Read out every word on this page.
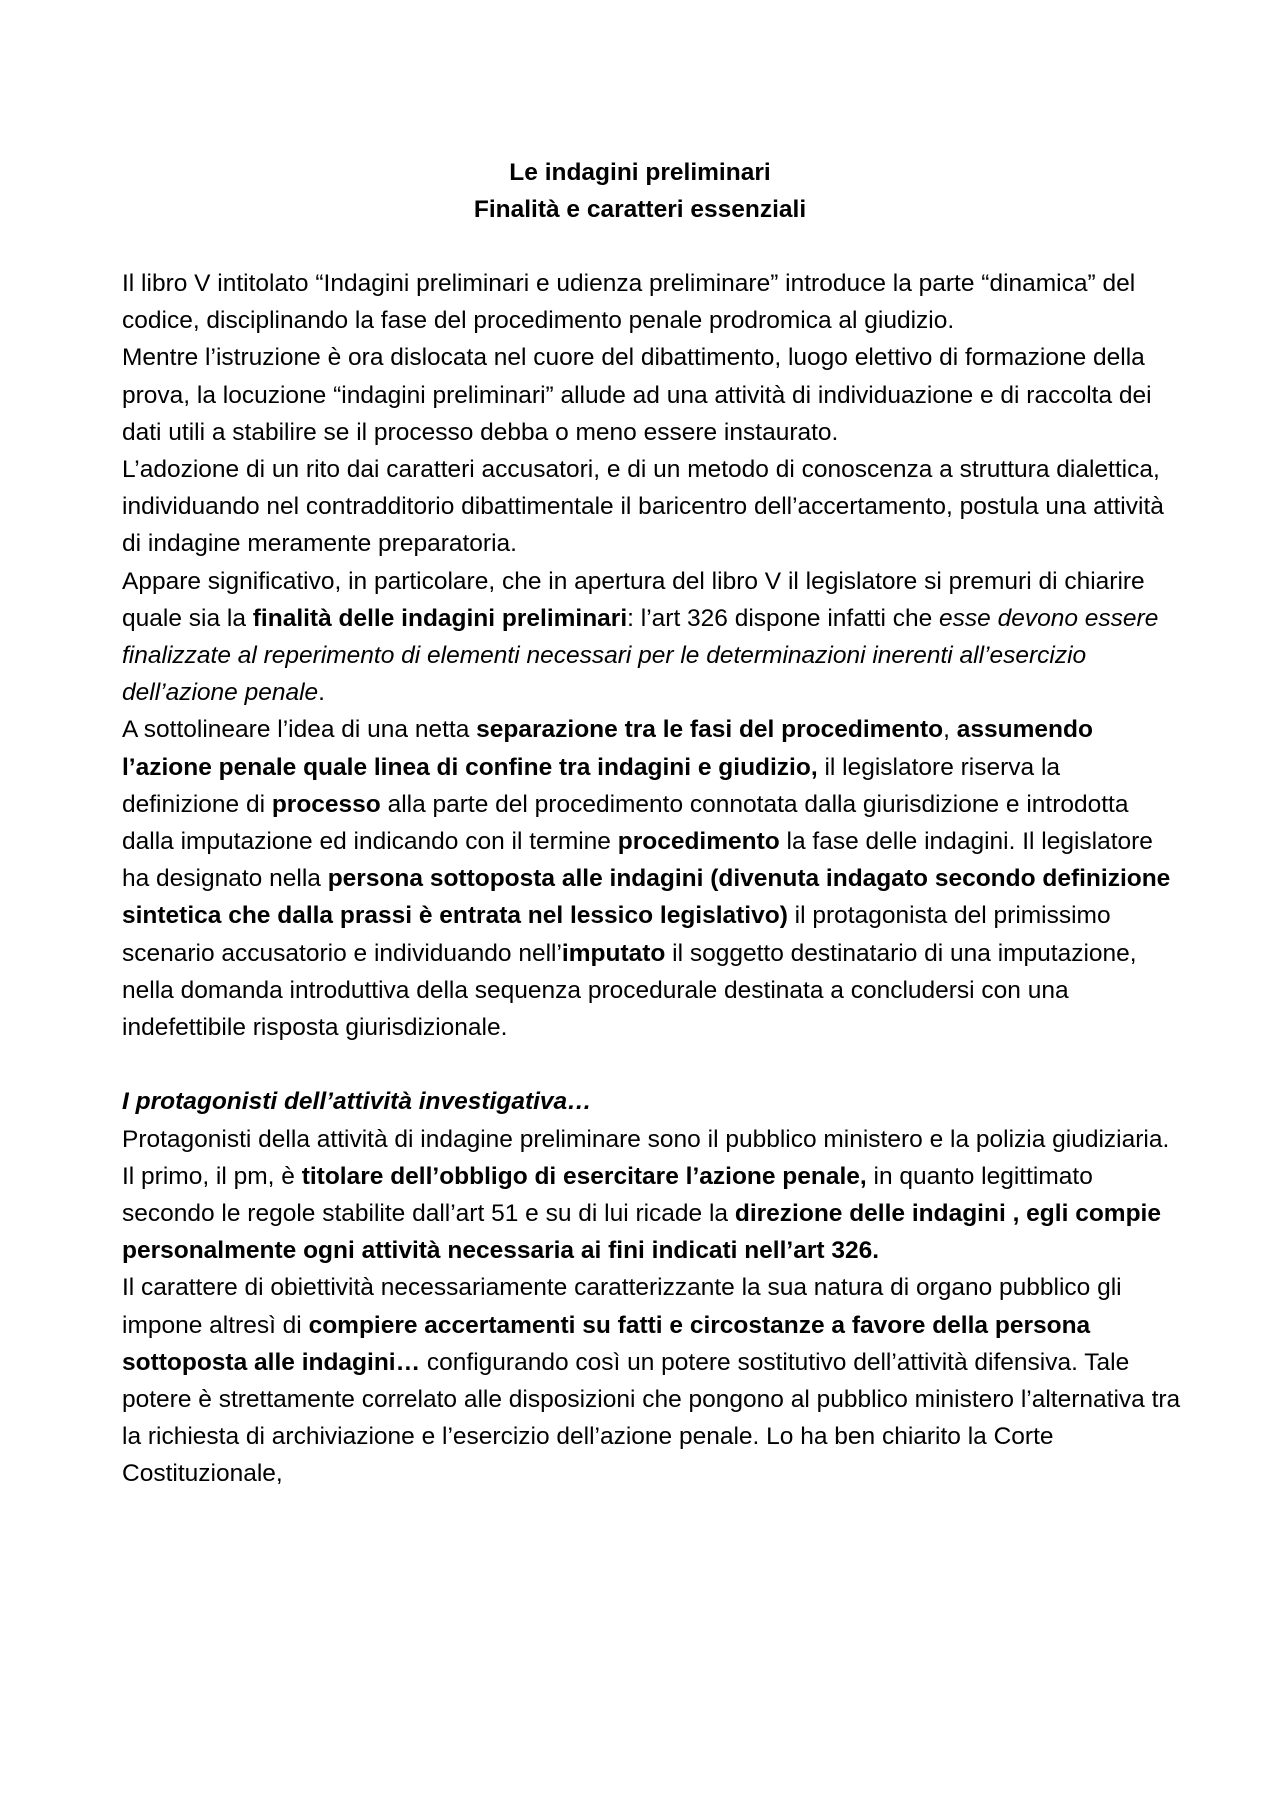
Le indagini preliminari
Finalità e caratteri essenziali

Il libro V intitolato “Indagini preliminari e udienza preliminare” introduce la parte “dinamica” del codice, disciplinando la fase del procedimento penale prodromica al giudizio.

Mentre l’istruzione è ora dislocata nel cuore del dibattimento, luogo elettivo di formazione della prova, la locuzione “indagini preliminari” allude ad una attività di individuazione e di raccolta dei dati utili a stabilire se il processo debba o meno essere instaurato.

L’adozione di un rito dai caratteri accusatori, e di un metodo di conoscenza a struttura dialettica, individuando nel contradditorio dibattimentale il baricentro dell’accertamento, postula una attività di indagine meramente preparatoria.

Appare significativo, in particolare, che in apertura del libro V il legislatore si premuri di chiarire quale sia la finalità delle indagini preliminari: l’art 326 dispone infatti che esse devono essere finalizzate al reperimento di elementi necessari per le determinazioni inerenti all’esercizio dell’azione penale.

A sottolineare l’idea di una netta separazione tra le fasi del procedimento, assumendo l’azione penale quale linea di confine tra indagini e giudizio, il legislatore riserva la definizione di processo alla parte del procedimento connotata dalla giurisdizione e introdotta dalla imputazione ed indicando con il termine procedimento la fase delle indagini. Il legislatore ha designato nella persona sottoposta alle indagini (divenuta indagato secondo definizione sintetica che dalla prassi è entrata nel lessico legislativo) il protagonista del primissimo scenario accusatorio e individuando nell’imputato il soggetto destinatario di una imputazione, nella domanda introduttiva della sequenza procedurale destinata a concludersi con una indefettibile risposta giurisdizionale.

I protagonisti dell’attività investigativa…

Protagonisti della attività di indagine preliminare sono il pubblico ministero e la polizia giudiziaria.

Il primo, il pm, è titolare dell’obbligo di esercitare l’azione penale, in quanto legittimato secondo le regole stabilite dall’art 51 e su di lui ricade la direzione delle indagini , egli compie personalmente ogni attività necessaria ai fini indicati nell’art 326.

Il carattere di obiettività necessariamente caratterizzante la sua natura di organo pubblico gli impone altresì di compiere accertamenti su fatti e circostanze a favore della persona sottoposta alle indagini… configurando così un potere sostitutivo dell’attività difensiva. Tale potere è strettamente correlato alle disposizioni che pongono al pubblico ministero l’alternativa tra la richiesta di archiviazione e l’esercizio dell’azione penale. Lo ha ben chiarito la Corte Costituzionale,
